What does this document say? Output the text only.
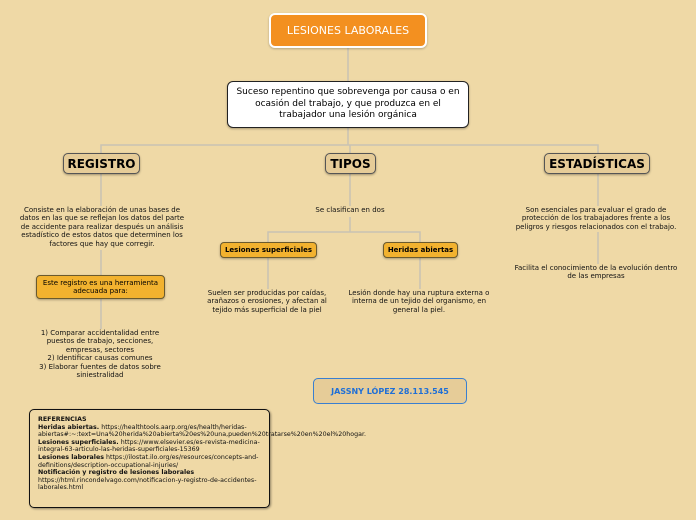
LESIONES LABORALES
Suceso repentino que sobrevenga por causa o en ocasión del trabajo, y que produzca en el trabajador una lesión orgánica
REGISTRO	TIPOS	ESTADÍSTICAS
Consiste en la elaboración de unas bases de datos en las que se reflejan los datos del parte de accidente para realizar después un análisis estadístico de estos datos que determinen los factores que hay que corregir.
Este registro es una herramienta adecuada para:
1) Comparar accidentalidad entre puestos de trabajo, secciones, empresas, sectores
2) Identificar causas comunes
3) Elaborar fuentes de datos sobre siniestralidad
Se clasifican en dos
Lesiones superficiales	Heridas abiertas
Suelen ser producidas por caídas, arañazos o erosiones, y afectan al tejido más superficial de la piel
Lesión donde hay una ruptura externa o interna de un tejido del organismo, en general la piel.
Son esenciales para evaluar el grado de protección de los trabajadores frente a los peligros y riesgos relacionados con el trabajo.
Facilita el conocimiento de la evolución dentro de las empresas
JASSNY LÓPEZ 28.113.545
REFERENCIAS
Heridas abiertas. https://healthtools.aarp.org/es/health/heridas-abiertas#:~:text=Una%20herida%20abierta%20es%20una,pueden%20tratarse%20en%20el%20hogar.
Lesiones superficiales. https://www.elsevier.es/es-revista-medicina-integral-63-articulo-las-heridas-superficiales-15369
Lesiones laborales https://ilostat.ilo.org/es/resources/concepts-and-definitions/description-occupational-injuries/
Notificación y registro de lesiones laborales
https://html.rincondelvago.com/notificacion-y-registro-de-accidentes-laborales.html
